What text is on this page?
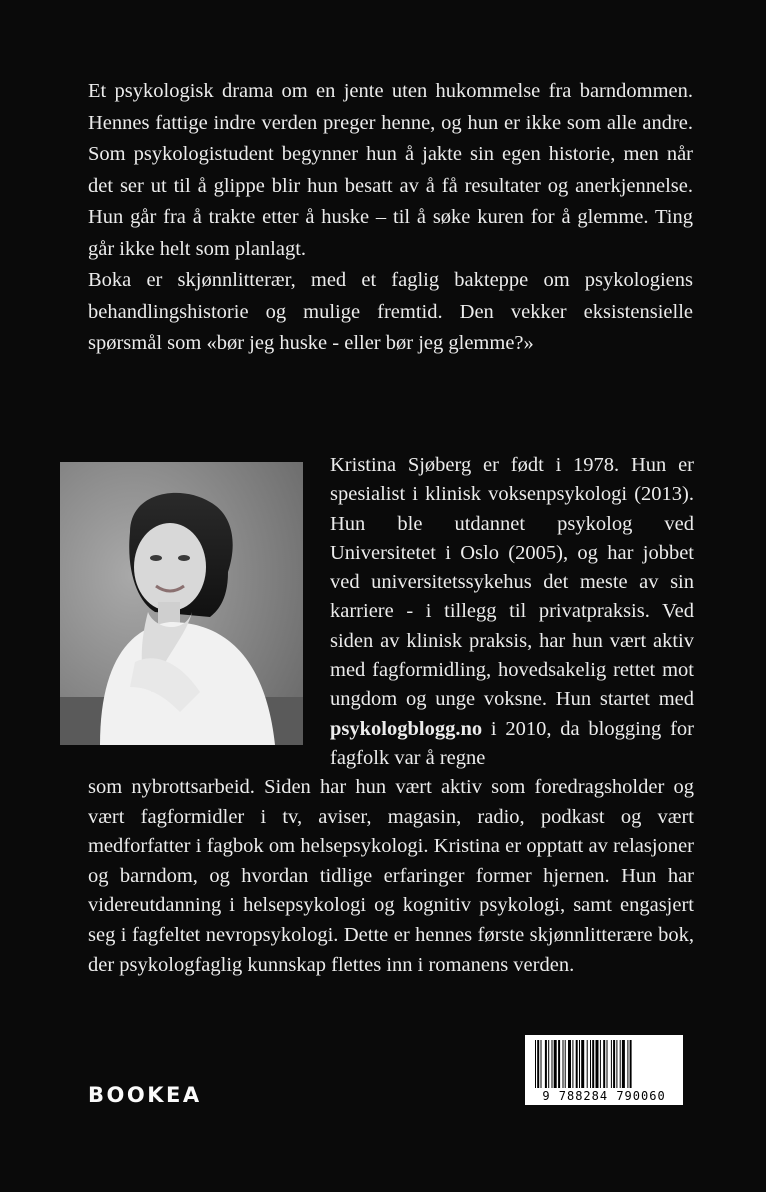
Et psykologisk drama om en jente uten hukommelse fra barndommen. Hennes fattige indre verden preger henne, og hun er ikke som alle andre. Som psykologistudent begynner hun å jakte sin egen historie, men når det ser ut til å glippe blir hun besatt av å få resultater og anerkjennelse. Hun går fra å trakte etter å huske – til å søke kuren for å glemme. Ting går ikke helt som planlagt.

Boka er skjønnlitterær, med et faglig bakteppe om psykologiens behandlingshistorie og mulige fremtid. Den vekker eksistensielle spørsmål som «bør jeg huske - eller bør jeg glemme?»

Kristina Sjøberg er født i 1978. Hun er spesialist i klinisk voksenpsykologi (2013). Hun ble utdannet psykolog ved Universitetet i Oslo (2005), og har jobbet ved universitetssykehus det meste av sin karriere - i tillegg til privatpraksis. Ved siden av klinisk praksis, har hun vært aktiv med fagformidling, hovedsakelig rettet mot ungdom og unge voksne. Hun startet med psykologblogg.no i 2010, da blogging for fagfolk var å regne

som nybrottsarbeid. Siden har hun vært aktiv som foredragsholder og vært fagformidler i tv, aviser, magasin, radio, podkast og vært medforfatter i fagbok om helsepsykologi. Kristina er opptatt av relasjoner og barndom, og hvordan tidlige erfaringer former hjernen. Hun har videreutdanning i helsepsykologi og kognitiv psykologi, samt engasjert seg i fagfeltet nevropsykologi. Dette er hennes første skjønnlitterære bok, der psykologfaglig kunnskap flettes inn i romanens verden.

BOOKEA	9 788284 790060
